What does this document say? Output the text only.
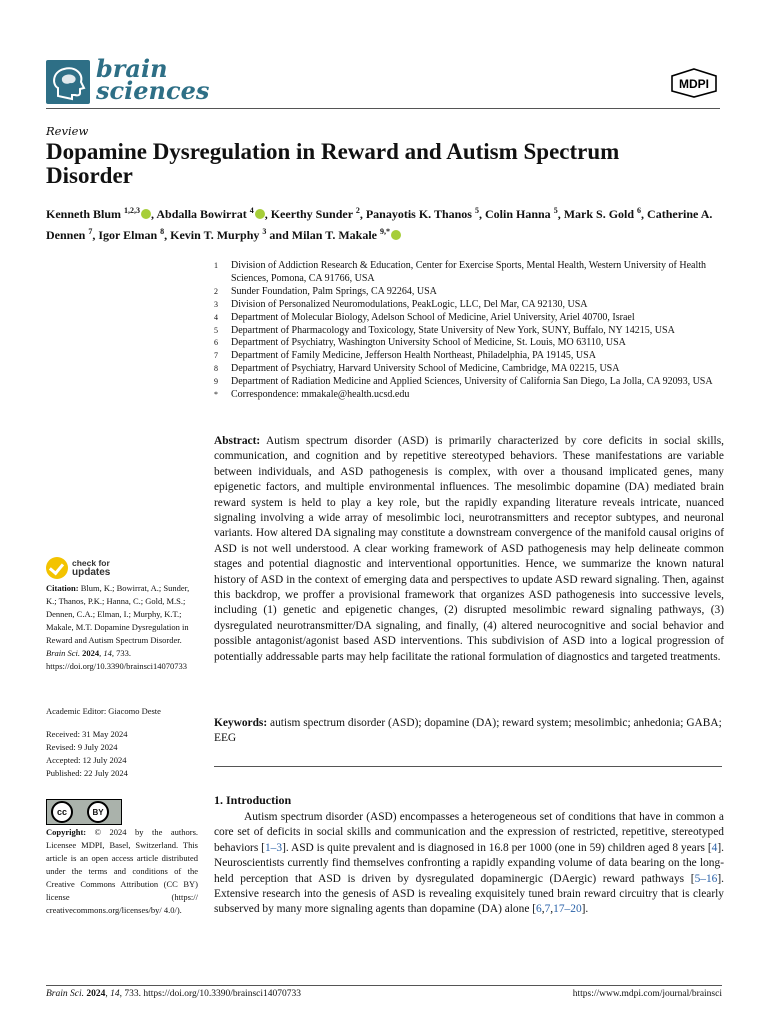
brain
sciences	MDPI
Review
Dopamine Dysregulation in Reward and Autism Spectrum Disorder
Kenneth Blum $^{1,2,3}$ , Abdalla Bowirrat $^4$ , Keerthy Sunder $^2$, Panayotis K. Thanos $^5$, Colin Hanna $^5$, Mark S. Gold $^6$, Catherine A. Dennen $^7$, Igor Elman $^8$, Kevin T. Murphy $^3$ and Milan T. Makale $^{9,*}$
1	Division of Addiction Research & Education, Center for Exercise Sports, Mental Health, Western University of Health Sciences, Pomona, CA 91766, USA
2	Sunder Foundation, Palm Springs, CA 92264, USA
3	Division of Personalized Neuromodulations, PeakLogic, LLC, Del Mar, CA 92130, USA
4	Department of Molecular Biology, Adelson School of Medicine, Ariel University, Ariel 40700, Israel
5	Department of Pharmacology and Toxicology, State University of New York, SUNY, Buffalo, NY 14215, USA
6	Department of Psychiatry, Washington University School of Medicine, St. Louis, MO 63110, USA
7	Department of Family Medicine, Jefferson Health Northeast, Philadelphia, PA 19145, USA
8	Department of Psychiatry, Harvard University School of Medicine, Cambridge, MA 02215, USA
9	Department of Radiation Medicine and Applied Sciences, University of California San Diego, La Jolla, CA 92093, USA
*	Correspondence: mmakale@health.ucsd.edu
Abstract: Autism spectrum disorder (ASD) is primarily characterized by core deficits in social skills, communication, and cognition and by repetitive stereotyped behaviors. These manifestations are variable between individuals, and ASD pathogenesis is complex, with over a thousand implicated genes, many epigenetic factors, and multiple environmental influences. The mesolimbic dopamine (DA) mediated brain reward system is held to play a key role, but the rapidly expanding literature reveals intricate, nuanced signaling involving a wide array of mesolimbic loci, neurotransmitters and receptor subtypes, and neuronal variants. How altered DA signaling may constitute a downstream convergence of the manifold causal origins of ASD is not well understood. A clear working framework of ASD pathogenesis may help delineate common stages and potential diagnostic and interventional opportunities. Hence, we summarize the known natural history of ASD in the context of emerging data and perspectives to update ASD reward signaling. Then, against this backdrop, we proffer a provisional framework that organizes ASD pathogenesis into successive levels, including (1) genetic and epigenetic changes, (2) disrupted mesolimbic reward signaling pathways, (3) dysregulated neurotransmitter/DA signaling, and finally, (4) altered neurocognitive and social behavior and possible antagonist/agonist based ASD interventions. This subdivision of ASD into a logical progression of potentially addressable parts may help facilitate the rational formulation of diagnostics and targeted treatments.
Keywords: autism spectrum disorder (ASD); dopamine (DA); reward system; mesolimbic; anhedonia; GABA; EEG
1. Introduction
Autism spectrum disorder (ASD) encompasses a heterogeneous set of conditions that have in common a core set of deficits in social skills and communication and the expression of restricted, repetitive, stereotyped behaviors [1–3]. ASD is quite prevalent and is diagnosed in 16.8 per 1000 (one in 59) children aged 8 years [4]. Neuroscientists currently find themselves confronting a rapidly expanding volume of data bearing on the long-held perception that ASD is driven by dysregulated dopaminergic (DAergic) reward pathways [5–16]. Extensive research into the genesis of ASD is revealing exquisitely tuned brain reward circuitry that is clearly subserved by many more signaling agents than dopamine (DA) alone [6,7,17–20].
check for
updates
Citation: Blum, K.; Bowirrat, A.; Sunder, K.; Thanos, P.K.; Hanna, C.; Gold, M.S.; Dennen, C.A.; Elman, I.; Murphy, K.T.; Makale, M.T. Dopamine Dysregulation in Reward and Autism Spectrum Disorder. Brain Sci. 2024, 14, 733. https://doi.org/10.3390/brainsci14070733
Academic Editor: Giacomo Deste
Received: 31 May 2024
Revised: 9 July 2024
Accepted: 12 July 2024
Published: 22 July 2024
cc	BY
Copyright: © 2024 by the authors. Licensee MDPI, Basel, Switzerland. This article is an open access article distributed under the terms and conditions of the Creative Commons Attribution (CC BY) license (https:// creativecommons.org/licenses/by/ 4.0/).
Brain Sci. 2024, 14, 733. https://doi.org/10.3390/brainsci14070733	https://www.mdpi.com/journal/brainsci
